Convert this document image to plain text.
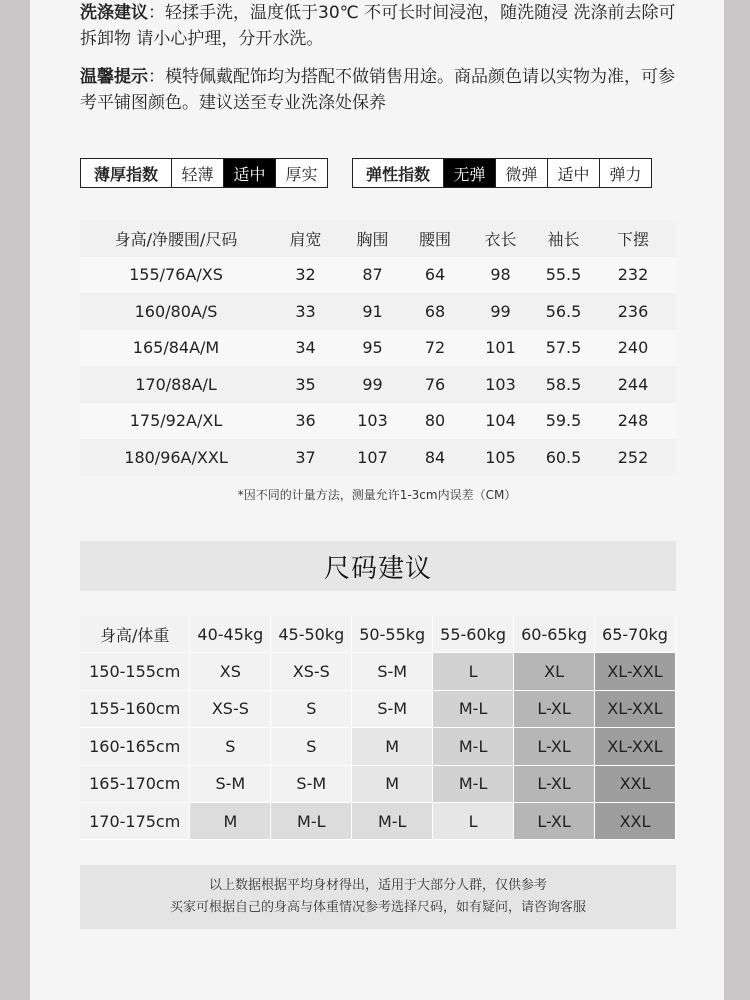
洗涤建议：轻揉手洗，温度低于30℃ 不可长时间浸泡，随洗随浸 洗涤前去除可拆卸物 请小心护理，分开水洗。

温馨提示：模特佩戴配饰均为搭配不做销售用途。商品颜色请以实物为准，可参考平铺图颜色。建议送至专业洗涤处保养

薄厚指数	轻薄	适中	厚实	弹性指数	无弹	微弹	适中	弹力
身高/净腰围/尺码	肩宽	胸围	腰围	衣长	袖长	下摆
155/76A/XS	32	87	64	98	55.5	232
160/80A/S	33	91	68	99	56.5	236
165/84A/M	34	95	72	101	57.5	240
170/88A/L	35	99	76	103	58.5	244
175/92A/XL	36	103	80	104	59.5	248
180/96A/XXL	37	107	84	105	60.5	252
*因不同的计量方法，测量允许1-3cm内误差（CM）
尺码建议
身高/体重	40-45kg	45-50kg	50-55kg	55-60kg	60-65kg	65-70kg
150-155cm	XS	XS-S	S-M	L	XL	XL-XXL
155-160cm	XS-S	S	S-M	M-L	L-XL	XL-XXL
160-165cm	S	S	M	M-L	L-XL	XL-XXL
165-170cm	S-M	S-M	M	M-L	L-XL	XXL
170-175cm	M	M-L	M-L	L	L-XL	XXL
以上数据根据平均身材得出，适用于大部分人群，仅供参考
买家可根据自己的身高与体重情况参考选择尺码，如有疑问，请咨询客服
